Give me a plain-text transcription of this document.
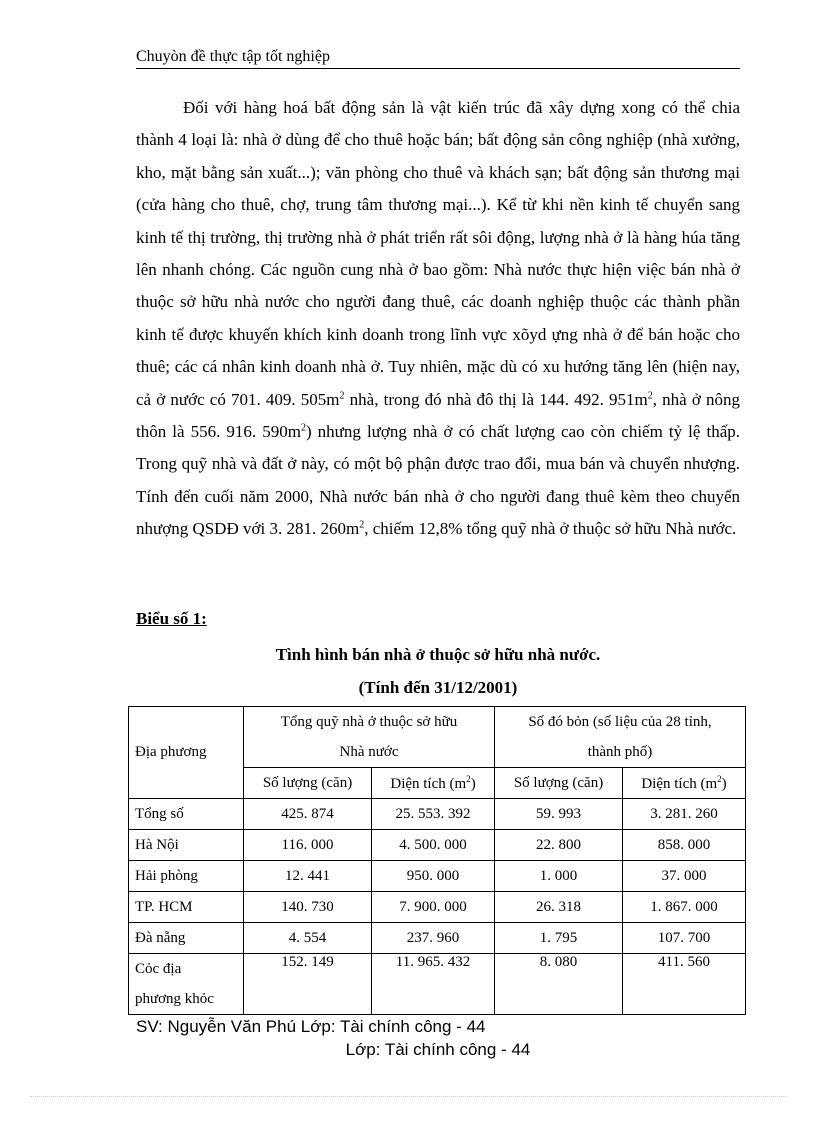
Chuyòn đề thực tập tốt nghiệp

Đối với hàng hoá bất động sản là vật kiến trúc đã xây dựng xong có thể chia thành 4 loại là: nhà ở dùng để cho thuê hoặc bán; bất động sản công nghiệp (nhà xưởng, kho, mặt bằng sản xuất...); văn phòng cho thuê và khách sạn; bất động sản thương mại (cửa hàng cho thuê, chợ, trung tâm thương mại...). Kể từ khi nền kinh tế chuyển sang kinh tế thị trường, thị trường nhà ở phát triển rất sôi động, lượng nhà ở là hàng húa tăng lên nhanh chóng. Các nguồn cung nhà ở bao gồm: Nhà nước thực hiện việc bán nhà ở thuộc sở hữu nhà nước cho người đang thuê, các doanh nghiệp thuộc các thành phần kinh tế được khuyến khích kinh doanh trong lĩnh vực xõyd ựng nhà ở để bán hoặc cho thuê; các cá nhân kinh doanh nhà ở. Tuy nhiên, mặc dù có xu hướng tăng lên (hiện nay, cả ở nước có 701. 409. $505m^2$ nhà, trong đó nhà đô thị là 144. 492. $951m^2$, nhà ở nông thôn là 556. 916. $590m^2$) nhưng lượng nhà ở có chất lượng cao còn chiếm tỷ lệ thấp. Trong quỹ nhà và đất ở này, có một bộ phận được trao đổi, mua bán và chuyển nhượng. Tính đến cuối năm 2000, Nhà nước bán nhà ở cho người đang thuê kèm theo chuyển nhượng QSDĐ với 3. 281. $260m^2$, chiếm 12,8% tổng quỹ nhà ở thuộc sở hữu Nhà nước.

Biểu số 1:
Tình hình bán nhà ở thuộc sở hữu nhà nước.
(Tính đến 31/12/2001)
Địa phương	Tổng quỹ nhà ở thuộc sở hữu
Nhà nước		Số đó bỏn (số liệu của 28 tỉnh,
thành phố)	
	Số lượng (căn)	Diện tích $(m^2)$	Số lượng (căn)	Diện tích $(m^2)$
Tổng số	425. 874	25. 553. 392	59. 993	3. 281. 260
Hà Nội	116. 000	4. 500. 000	22. 800	858. 000
Hải phòng	12. 441	950. 000	1. 000	37. 000
TP. HCM	140. 730	7. 900. 000	26. 318	1. 867. 000
Đà nẵng	4. 554	237. 960	1. 795	107. 700
Cỏc địa
phương khỏc	152. 149	11. 965. 432	8. 080	411. 560
SV: Nguyễn Văn Phú Lớp: Tài chính công - 44
Lớp: Tài chính công - 44
